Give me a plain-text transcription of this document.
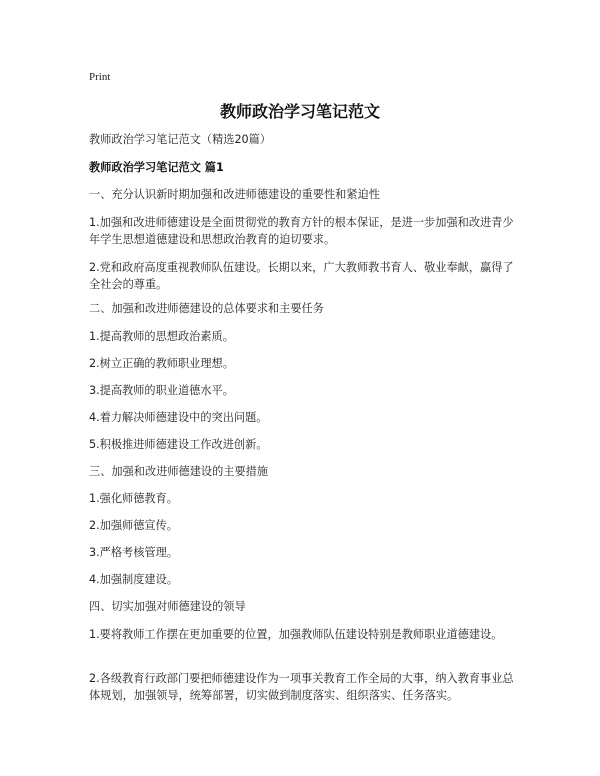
Print
教师政治学习笔记范文

教师政治学习笔记范文（精选20篇）

教师政治学习笔记范文 篇1

一、充分认识新时期加强和改进师德建设的重要性和紧迫性

1.加强和改进师德建设是全面贯彻党的教育方针的根本保证，是进一步加强和改进青少年学生思想道德建设和思想政治教育的迫切要求。

2.党和政府高度重视教师队伍建设。长期以来，广大教师教书育人、敬业奉献，赢得了全社会的尊重。

二、加强和改进师德建设的总体要求和主要任务

1.提高教师的思想政治素质。

2.树立正确的教师职业理想。

3.提高教师的职业道德水平。

4.着力解决师德建设中的突出问题。

5.积极推进师德建设工作改进创新。

三、加强和改进师德建设的主要措施

1.强化师德教育。

2.加强师德宣传。

3.严格考核管理。

4.加强制度建设。

四、切实加强对师德建设的领导

1.要将教师工作摆在更加重要的位置，加强教师队伍建设特别是教师职业道德建设。

2.各级教育行政部门要把师德建设作为一项事关教育工作全局的大事，纳入教育事业总体规划，加强领导，统筹部署，切实做到制度落实、组织落实、任务落实。
